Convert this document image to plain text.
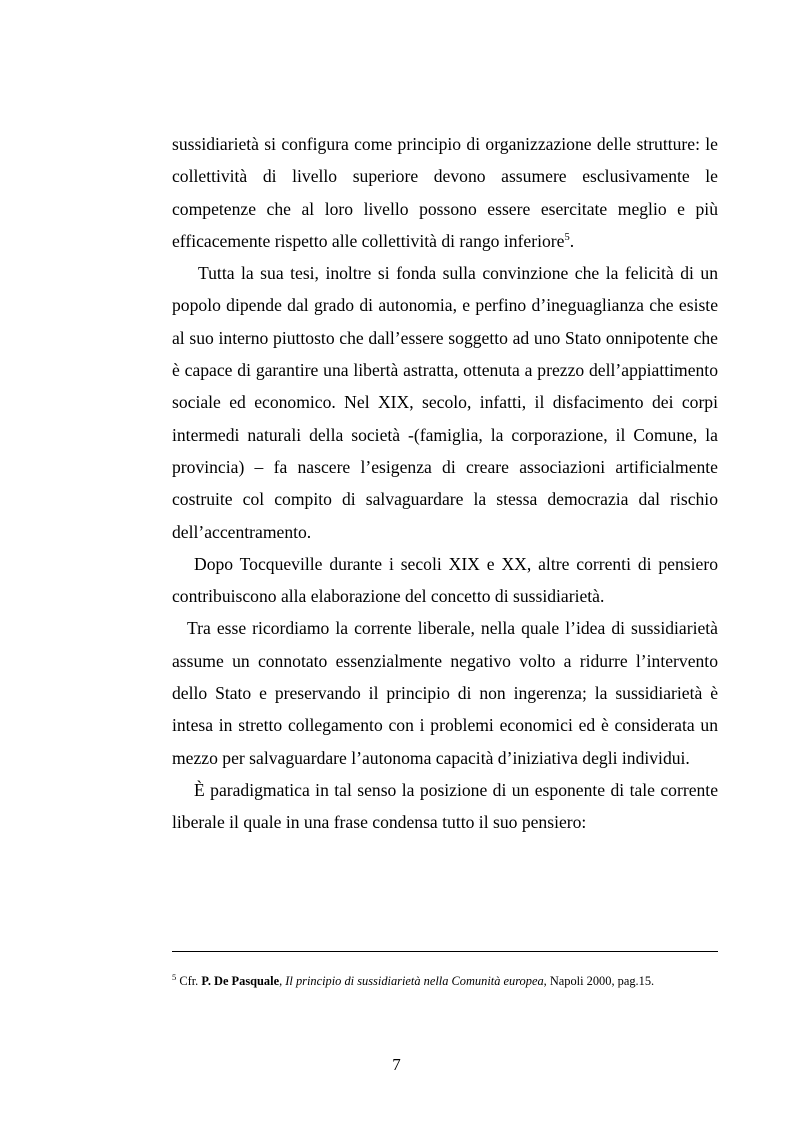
sussidiarietà si configura come principio di organizzazione delle strutture: le collettività di livello superiore devono assumere esclusivamente le competenze che al loro livello possono essere esercitate meglio e più efficacemente rispetto alle collettività di rango inferiore$^5$.

Tutta la sua tesi, inoltre si fonda sulla convinzione che la felicità di un popolo dipende dal grado di autonomia, e perfino d’ineguaglianza che esiste al suo interno piuttosto che dall’essere soggetto ad uno Stato onnipotente che è capace di garantire una libertà astratta, ottenuta a prezzo dell’appiattimento sociale ed economico. Nel XIX, secolo, infatti, il disfacimento dei corpi intermedi naturali della società -(famiglia, la corporazione, il Comune, la provincia) – fa nascere l’esigenza di creare associazioni artificialmente costruite col compito di salvaguardare la stessa democrazia dal rischio dell’accentramento.

Dopo Tocqueville durante i secoli XIX e XX, altre correnti di pensiero contribuiscono alla elaborazione del concetto di sussidiarietà.

Tra esse ricordiamo la corrente liberale, nella quale l’idea di sussidiarietà assume un connotato essenzialmente negativo volto a ridurre l’intervento dello Stato e preservando il principio di non ingerenza; la sussidiarietà è intesa in stretto collegamento con i problemi economici ed è considerata un mezzo per salvaguardare l’autonoma capacità d’iniziativa degli individui.

È paradigmatica in tal senso la posizione di un esponente di tale corrente liberale il quale in una frase condensa tutto il suo pensiero:

$^5$ Cfr. P. De Pasquale, Il principio di sussidiarietà nella Comunità europea, Napoli 2000, pag.15.
7
